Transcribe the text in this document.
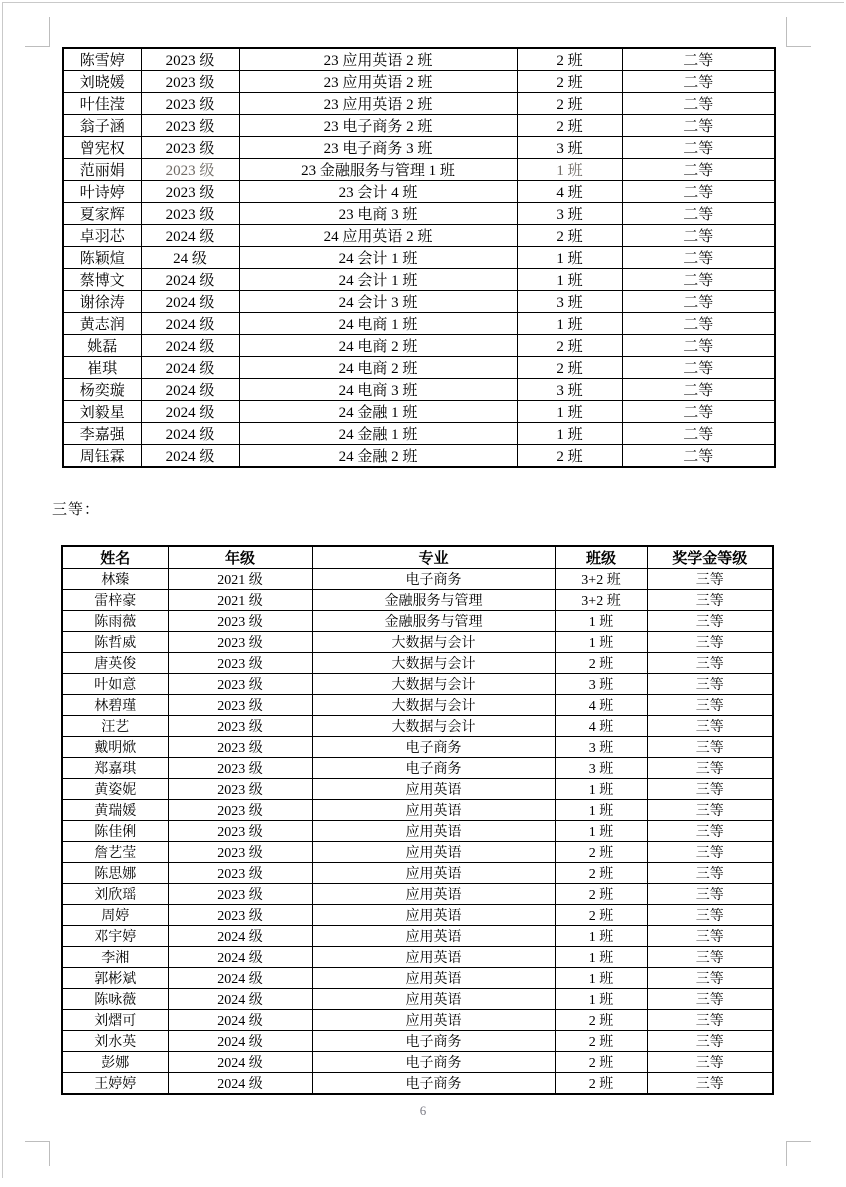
陈雪婷	2023 级	23 应用英语 2 班	2 班	二等
刘晓媛	2023 级	23 应用英语 2 班	2 班	二等
叶佳滢	2023 级	23 应用英语 2 班	2 班	二等
翁子涵	2023 级	23 电子商务 2 班	2 班	二等
曾宪权	2023 级	23 电子商务 3 班	3 班	二等
范丽娟	2023 级	23 金融服务与管理 1 班	1 班	二等
叶诗婷	2023 级	23 会计 4 班	4 班	二等
夏家辉	2023 级	23 电商 3 班	3 班	二等
卓羽芯	2024 级	24 应用英语 2 班	2 班	二等
陈颖煊	24 级	24 会计 1 班	1 班	二等
蔡博文	2024 级	24 会计 1 班	1 班	二等
谢徐涛	2024 级	24 会计 3 班	3 班	二等
黄志润	2024 级	24 电商 1 班	1 班	二等
姚磊	2024 级	24 电商 2 班	2 班	二等
崔琪	2024 级	24 电商 2 班	2 班	二等
杨奕璇	2024 级	24 电商 3 班	3 班	二等
刘毅星	2024 级	24 金融 1 班	1 班	二等
李嘉强	2024 级	24 金融 1 班	1 班	二等
周钰霖	2024 级	24 金融 2 班	2 班	二等
三等：
姓名	年级	专业	班级	奖学金等级
林臻	2021 级	电子商务	3+2 班	三等
雷梓豪	2021 级	金融服务与管理	3+2 班	三等
陈雨薇	2023 级	金融服务与管理	1 班	三等
陈哲威	2023 级	大数据与会计	1 班	三等
唐英俊	2023 级	大数据与会计	2 班	三等
叶如意	2023 级	大数据与会计	3 班	三等
林碧瑾	2023 级	大数据与会计	4 班	三等
汪艺	2023 级	大数据与会计	4 班	三等
戴明焮	2023 级	电子商务	3 班	三等
郑嘉琪	2023 级	电子商务	3 班	三等
黄姿妮	2023 级	应用英语	1 班	三等
黄瑞媛	2023 级	应用英语	1 班	三等
陈佳俐	2023 级	应用英语	1 班	三等
詹艺莹	2023 级	应用英语	2 班	三等
陈思娜	2023 级	应用英语	2 班	三等
刘欣瑶	2023 级	应用英语	2 班	三等
周婷	2023 级	应用英语	2 班	三等
邓宇婷	2024 级	应用英语	1 班	三等
李湘	2024 级	应用英语	1 班	三等
郭彬斌	2024 级	应用英语	1 班	三等
陈咏薇	2024 级	应用英语	1 班	三等
刘熠可	2024 级	应用英语	2 班	三等
刘水英	2024 级	电子商务	2 班	三等
彭娜	2024 级	电子商务	2 班	三等
王婷婷	2024 级	电子商务	2 班	三等
6
